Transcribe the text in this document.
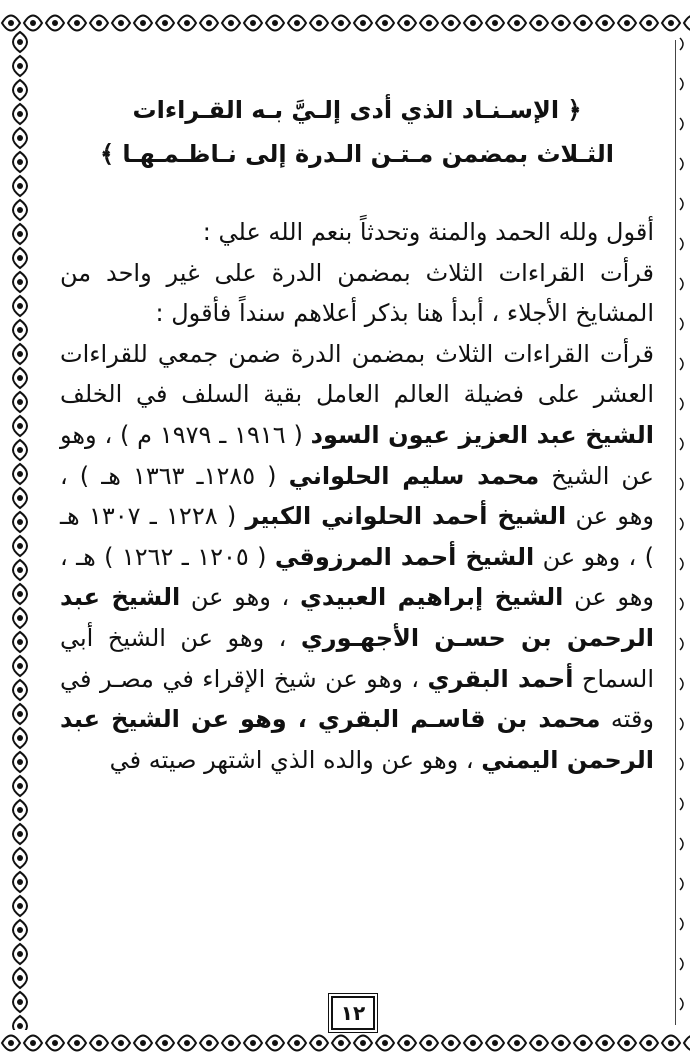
﴿ الإسـنـاد الذي أدى إلـيَّ بـه القـراءات

الثـلاث بمضمن مـتـن الـدرة إلى نـاظـمـهـا ﴾

أقول ولله الحمد والمنة وتحدثاً بنعم الله علي :

قرأت القراءات الثلاث بمضمن الدرة على غير واحد من المشايخ الأجلاء ، أبدأ هنا بذكر أعلاهم سنداً فأقول :

قرأت القراءات الثلاث بمضمن الدرة ضمن جمعي للقراءات العشر على فضيلة العالم العامل بقية السلف في الخلف الشيخ عبد العزيز عيون السود ( ١٩١٦ ـ ١٩٧٩ م ) ، وهو عن الشيخ محمد سليم الحلواني ( ١٢٨٥ـ ١٣٦٣ هـ ) ، وهو عن الشيخ أحمد الحلواني الكبير ( ١٢٢٨ ـ ١٣٠٧ هـ ) ، وهو عن الشيخ أحمد المرزوقي ( ١٢٠٥ ـ ١٢٦٢ ) هـ ، وهو عن الشيخ إبراهيم العبيدي ، وهو عن الشيخ عبد الرحمن بن حسـن الأجهـوري ، وهو عن الشيخ أبي السماح أحمد البقري ، وهو عن شيخ الإقراء في مصـر في وقته محمد بن قاسـم البقري ، وهو عن الشيخ عبد الرحمن اليمني ، وهو عن والده الذي اشتهر صيته في

١٢
